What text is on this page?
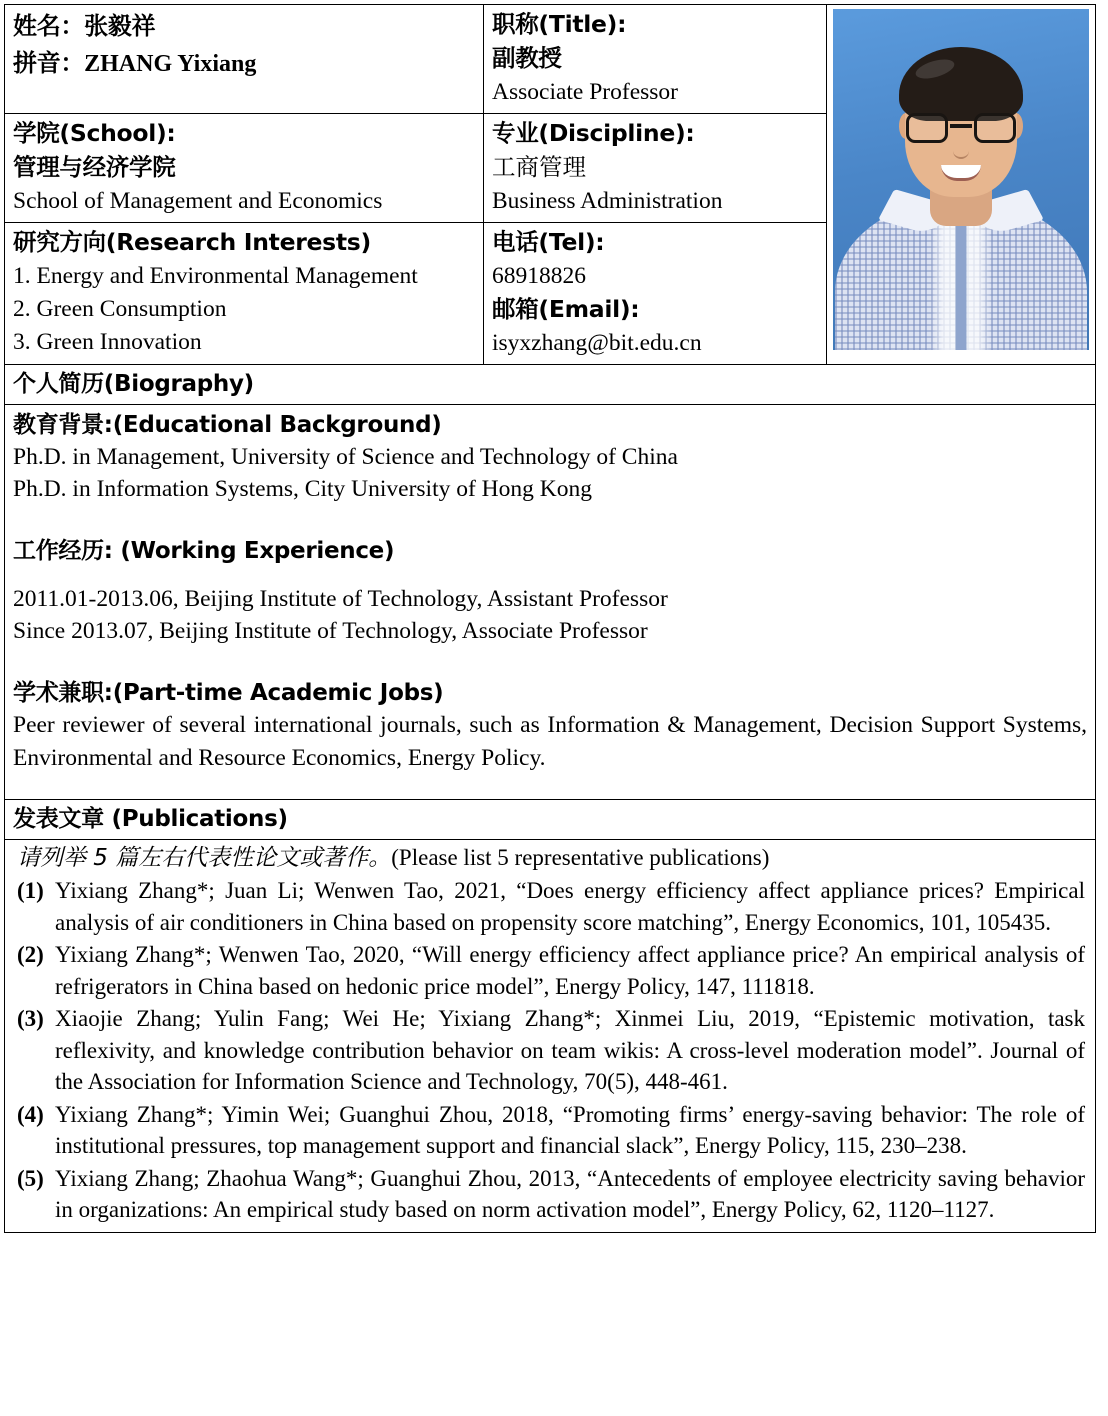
姓名：张毅祥
拼音：ZHANG Yixiang

职称(Title):
副教授
Associate Professor

学院(School):
管理与经济学院
School of Management and Economics

专业(Discipline):
工商管理
Business Administration

研究方向(Research Interests)
1. Energy and Environmental Management
2. Green Consumption
3. Green Innovation

电话(Tel):
68918826
邮箱(Email):
isyxzhang@bit.edu.cn

个人简历(Biography)		

教育背景:(Educational Background)
Ph.D. in Management, University of Science and Technology of China
Ph.D. in Information Systems, City University of Hong Kong
工作经历: (Working Experience)
2011.01-2013.06, Beijing Institute of Technology, Assistant Professor
Since 2013.07, Beijing Institute of Technology, Associate Professor
学术兼职:(Part-time Academic Jobs)
Peer reviewer of several international journals, such as Information & Management, Decision Support Systems, Environmental and Resource Economics, Energy Policy.

发表文章 (Publications)		

请列举 5 篇左右代表性论文或著作。(Please list 5 representative publications)
(1) Yixiang Zhang*; Juan Li; Wenwen Tao, 2021, “Does energy efficiency affect appliance prices? Empirical analysis of air conditioners in China based on propensity score matching”, Energy Economics, 101, 105435.
(2) Yixiang Zhang*; Wenwen Tao, 2020, “Will energy efficiency affect appliance price? An empirical analysis of refrigerators in China based on hedonic price model”, Energy Policy, 147, 111818.
(3) Xiaojie Zhang; Yulin Fang; Wei He; Yixiang Zhang*; Xinmei Liu, 2019, “Epistemic motivation, task reflexivity, and knowledge contribution behavior on team wikis: A cross-level moderation model”. Journal of the Association for Information Science and Technology, 70(5), 448-461.
(4) Yixiang Zhang*; Yimin Wei; Guanghui Zhou, 2018, “Promoting firms’ energy-saving behavior: The role of institutional pressures, top management support and financial slack”, Energy Policy, 115, 230–238.
(5) Yixiang Zhang; Zhaohua Wang*; Guanghui Zhou, 2013, “Antecedents of employee electricity saving behavior in organizations: An empirical study based on norm activation model”, Energy Policy, 62, 1120–1127.
